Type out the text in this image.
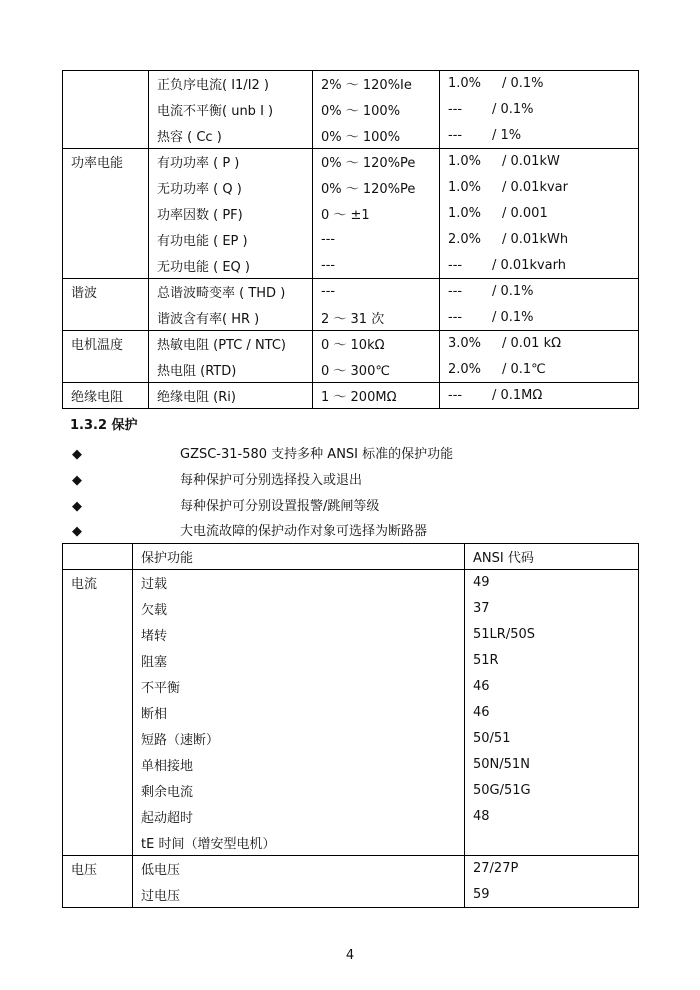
	正负序电流( I1/I2 )	2% ～ 120%Ie	1.0% / 0.1%
	电流不平衡( unb I )	0% ～ 100%	--- / 0.1%
	热容 ( Cc )	0% ～ 100%	--- / 1%
功率电能	有功功率 ( P )	0% ～ 120%Pe	1.0% / 0.01kW
	无功功率 ( Q )	0% ～ 120%Pe	1.0% / 0.01kvar
	功率因数 ( PF)	0 ～ ±1	1.0% / 0.001
	有功电能 ( EP )	---	2.0% / 0.01kWh
	无功电能 ( EQ )	---	--- / 0.01kvarh
谐波	总谐波畸变率 ( THD )	---	--- / 0.1%
	谐波含有率( HR )	2 ～ 31 次	--- / 0.1%
电机温度	热敏电阻 (PTC / NTC)	0 ～ 10kΩ	3.0% / 0.01 kΩ
	热电阻 (RTD)	0 ～ 300℃	2.0% / 0.1℃
绝缘电阻	绝缘电阻 (Ri)	1 ～ 200MΩ	--- / 0.1MΩ
1.3.2 保护
◆	GZSC-31-580 支持多种 ANSI 标准的保护功能
◆	每种保护可分别选择投入或退出
◆	每种保护可分别设置报警/跳闸等级
◆	大电流故障的保护动作对象可选择为断路器
	保护功能	ANSI 代码
电流	过载	49
	欠载	37
	堵转	51LR/50S
	阻塞	51R
	不平衡	46
	断相	46
	短路（速断）	50/51
	单相接地	50N/51N
	剩余电流	50G/51G
	起动超时	48
	tE 时间（增安型电机）	
电压	低电压	27/27P
	过电压	59
4
